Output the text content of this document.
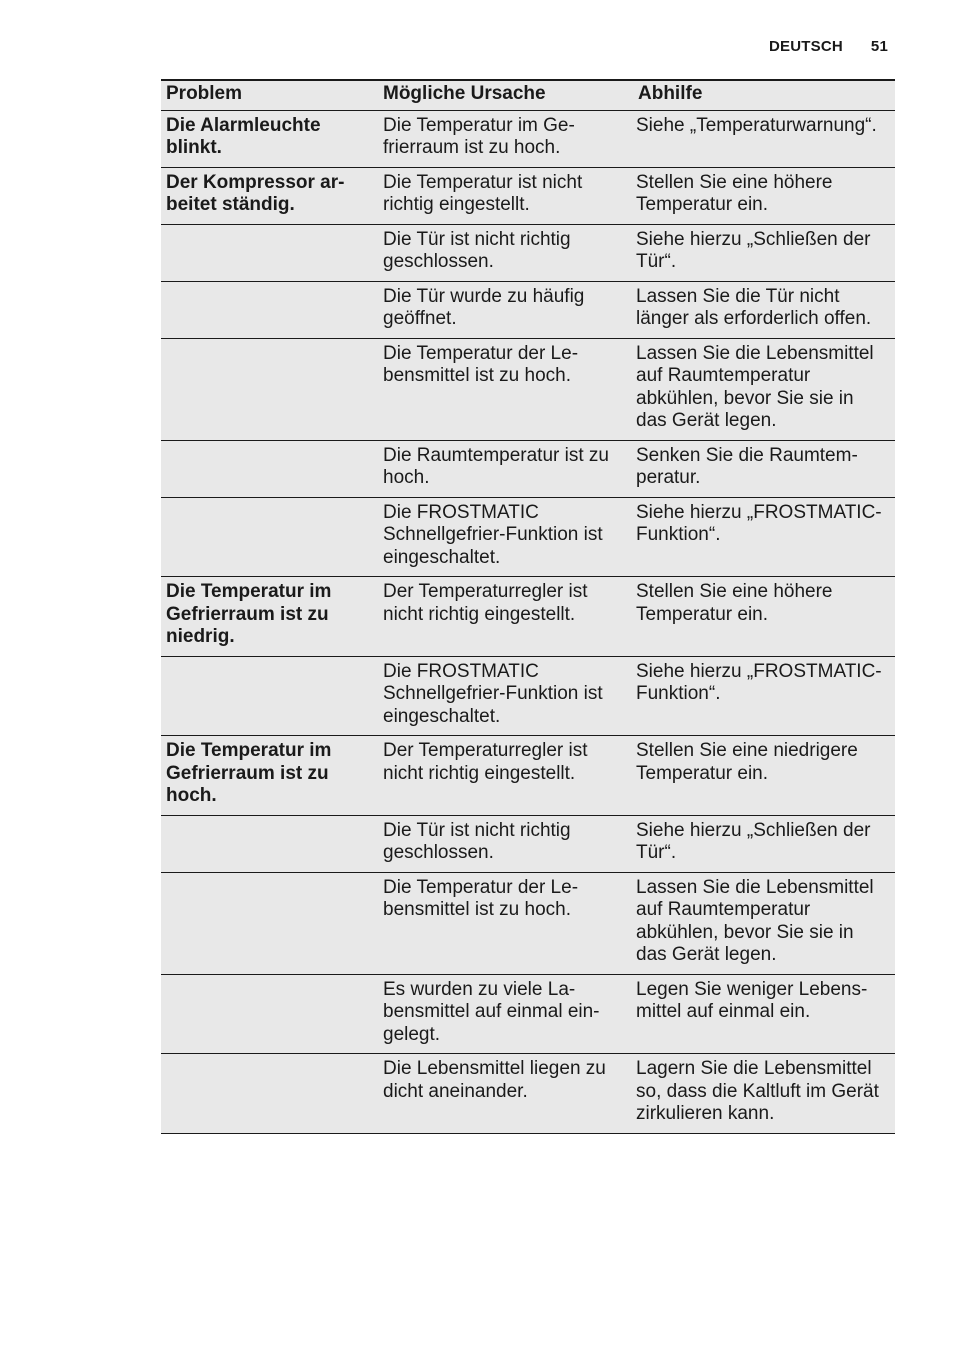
DEUTSCH 51
Problem	Mögliche Ursache	Abhilfe
Die Alarmleuchte blinkt.	Die Temperatur im Gefrierraum ist zu hoch.	Siehe „Temperaturwarnung“.
Der Kompressor arbeitet ständig.	Die Temperatur ist nicht richtig eingestellt.	Stellen Sie eine höhere Temperatur ein.
	Die Tür ist nicht richtig geschlossen.	Siehe hierzu „Schließen der Tür“.
	Die Tür wurde zu häufig geöffnet.	Lassen Sie die Tür nicht länger als erforderlich offen.
	Die Temperatur der Lebensmittel ist zu hoch.	Lassen Sie die Lebensmittel auf Raumtemperatur abkühlen, bevor Sie sie in das Gerät legen.
	Die Raumtemperatur ist zu hoch.	Senken Sie die Raumtemperatur.
	Die FROSTMATIC Schnellgefrier-Funktion ist eingeschaltet.	Siehe hierzu „FROSTMATIC-Funktion“.
Die Temperatur im Gefrierraum ist zu niedrig.	Der Temperaturregler ist nicht richtig eingestellt.	Stellen Sie eine höhere Temperatur ein.
	Die FROSTMATIC Schnellgefrier-Funktion ist eingeschaltet.	Siehe hierzu „FROSTMATIC-Funktion“.
Die Temperatur im Gefrierraum ist zu hoch.	Der Temperaturregler ist nicht richtig eingestellt.	Stellen Sie eine niedrigere Temperatur ein.
	Die Tür ist nicht richtig geschlossen.	Siehe hierzu „Schließen der Tür“.
	Die Temperatur der Lebensmittel ist zu hoch.	Lassen Sie die Lebensmittel auf Raumtemperatur abkühlen, bevor Sie sie in das Gerät legen.
	Es wurden zu viele Labensmittel auf einmal eingelegt.	Legen Sie weniger Lebensmittel auf einmal ein.
	Die Lebensmittel liegen zu dicht aneinander.	Lagern Sie die Lebensmittel so, dass die Kaltluft im Gerät zirkulieren kann.
